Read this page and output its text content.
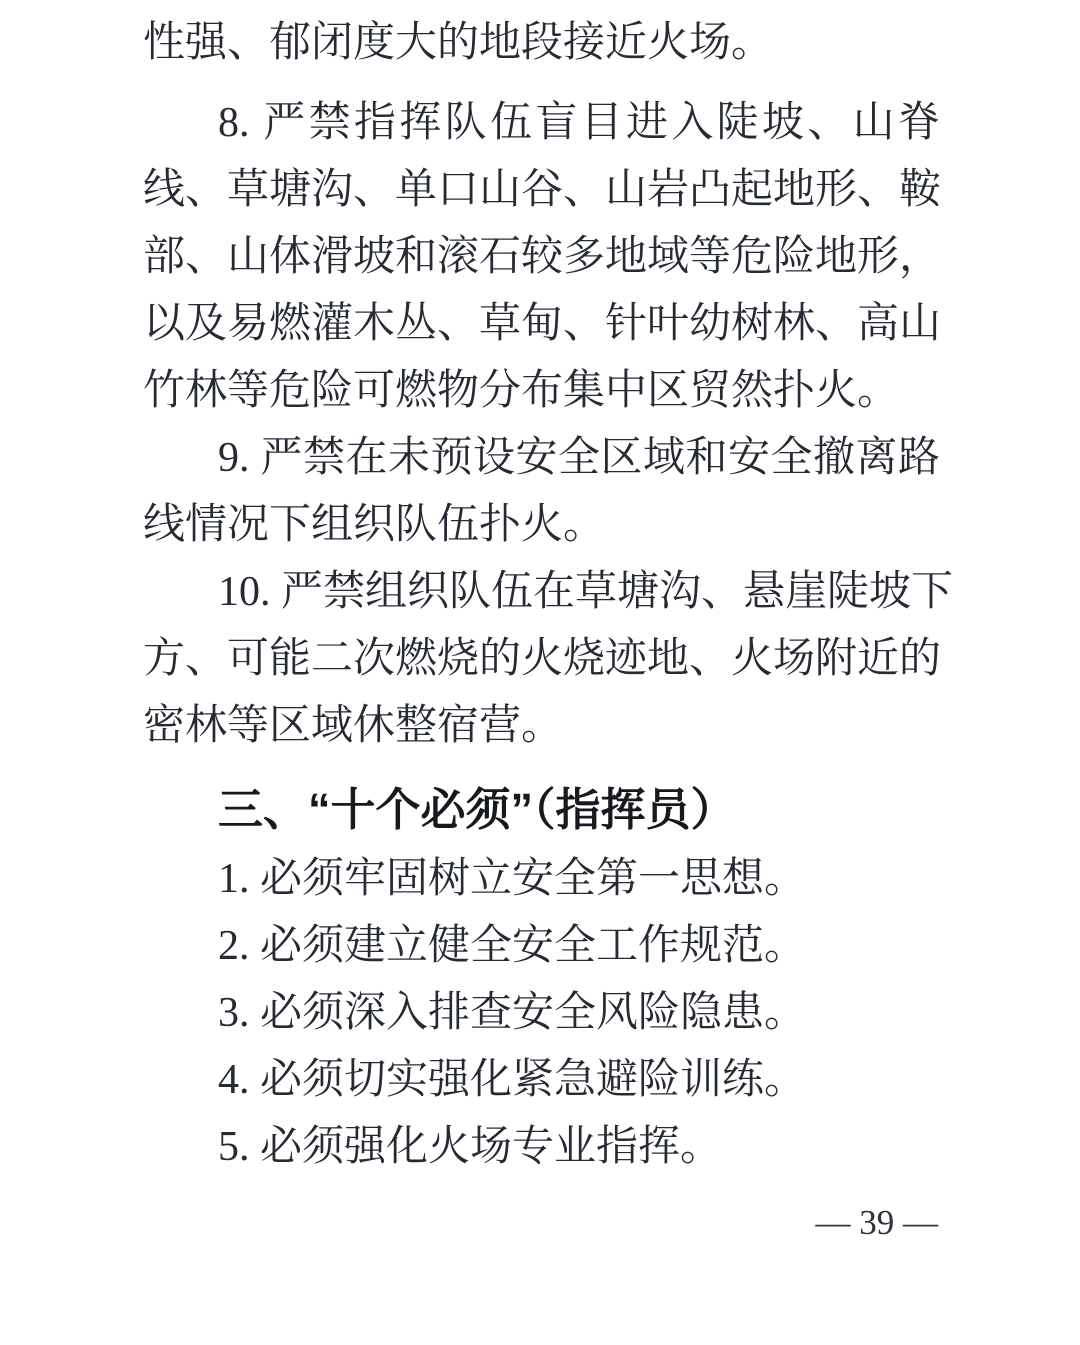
性强、郁闭度大的地段接近火场。
8. 严禁指挥队伍盲目进入陡坡、山脊
线、草塘沟、单口山谷、山岩凸起地形、鞍
部、山体滑坡和滚石较多地域等危险地形，
以及易燃灌木丛、草甸、针叶幼树林、高山
竹林等危险可燃物分布集中区贸然扑火。
9. 严禁在未预设安全区域和安全撤离路
线情况下组织队伍扑火。
10. 严禁组织队伍在草塘沟、悬崖陡坡下
方、可能二次燃烧的火烧迹地、火场附近的
密林等区域休整宿营。
三、“十个必须”（指挥员）
1. 必须牢固树立安全第一思想。
2. 必须建立健全安全工作规范。
3. 必须深入排查安全风险隐患。
4. 必须切实强化紧急避险训练。
5. 必须强化火场专业指挥。
— 39 —
